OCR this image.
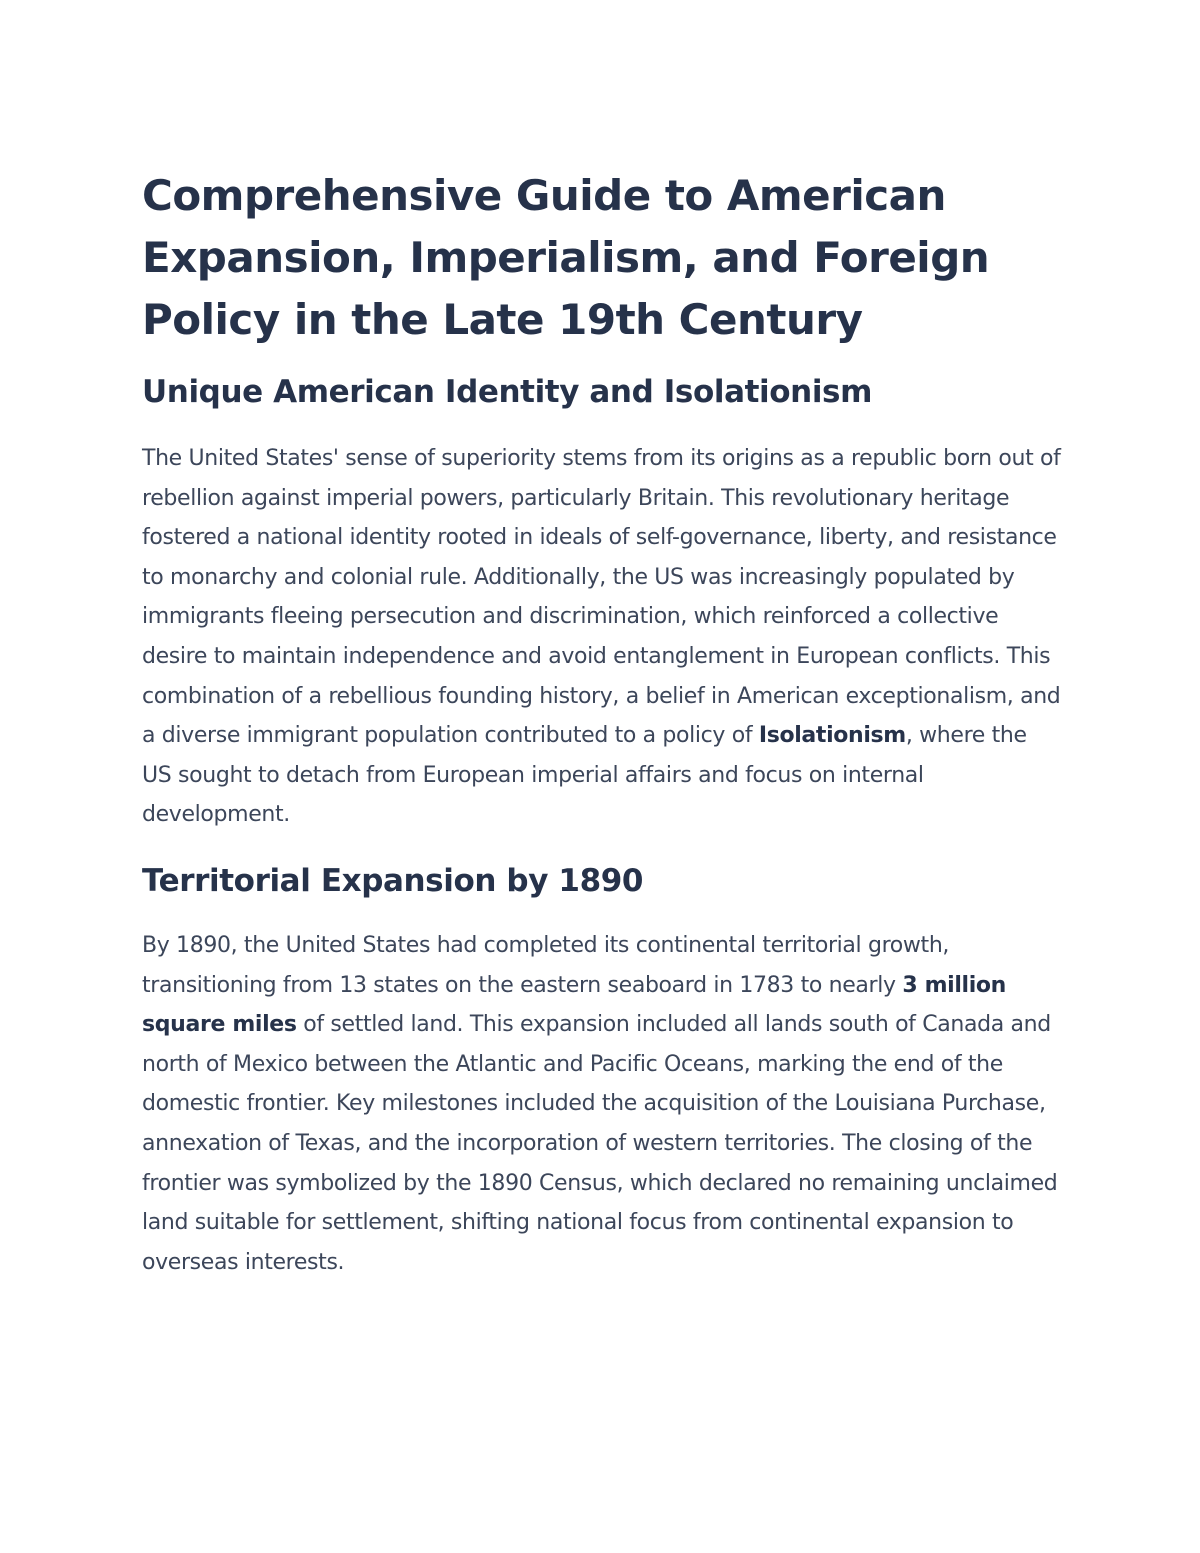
Comprehensive Guide to American Expansion, Imperialism, and Foreign Policy in the Late 19th Century
Unique American Identity and Isolationism

The United States' sense of superiority stems from its origins as a republic born out of rebellion against imperial powers, particularly Britain. This revolutionary heritage fostered a national identity rooted in ideals of self-governance, liberty, and resistance to monarchy and colonial rule. Additionally, the US was increasingly populated by immigrants fleeing persecution and discrimination, which reinforced a collective desire to maintain independence and avoid entanglement in European conflicts. This combination of a rebellious founding history, a belief in American exceptionalism, and a diverse immigrant population contributed to a policy of Isolationism, where the US sought to detach from European imperial affairs and focus on internal development.

Territorial Expansion by 1890

By 1890, the United States had completed its continental territorial growth, transitioning from 13 states on the eastern seaboard in 1783 to nearly 3 million square miles of settled land. This expansion included all lands south of Canada and north of Mexico between the Atlantic and Pacific Oceans, marking the end of the domestic frontier. Key milestones included the acquisition of the Louisiana Purchase, annexation of Texas, and the incorporation of western territories. The closing of the frontier was symbolized by the 1890 Census, which declared no remaining unclaimed land suitable for settlement, shifting national focus from continental expansion to overseas interests.
